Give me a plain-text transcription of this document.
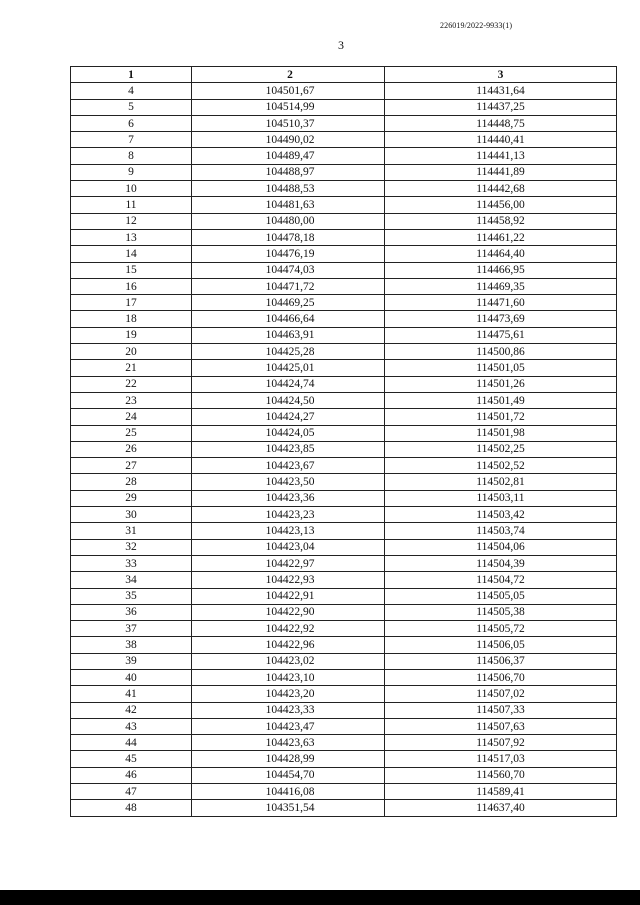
226019/2022-9933(1)
3
1	2	3
4	104501,67	114431,64
5	104514,99	114437,25
6	104510,37	114448,75
7	104490,02	114440,41
8	104489,47	114441,13
9	104488,97	114441,89
10	104488,53	114442,68
11	104481,63	114456,00
12	104480,00	114458,92
13	104478,18	114461,22
14	104476,19	114464,40
15	104474,03	114466,95
16	104471,72	114469,35
17	104469,25	114471,60
18	104466,64	114473,69
19	104463,91	114475,61
20	104425,28	114500,86
21	104425,01	114501,05
22	104424,74	114501,26
23	104424,50	114501,49
24	104424,27	114501,72
25	104424,05	114501,98
26	104423,85	114502,25
27	104423,67	114502,52
28	104423,50	114502,81
29	104423,36	114503,11
30	104423,23	114503,42
31	104423,13	114503,74
32	104423,04	114504,06
33	104422,97	114504,39
34	104422,93	114504,72
35	104422,91	114505,05
36	104422,90	114505,38
37	104422,92	114505,72
38	104422,96	114506,05
39	104423,02	114506,37
40	104423,10	114506,70
41	104423,20	114507,02
42	104423,33	114507,33
43	104423,47	114507,63
44	104423,63	114507,92
45	104428,99	114517,03
46	104454,70	114560,70
47	104416,08	114589,41
48	104351,54	114637,40
